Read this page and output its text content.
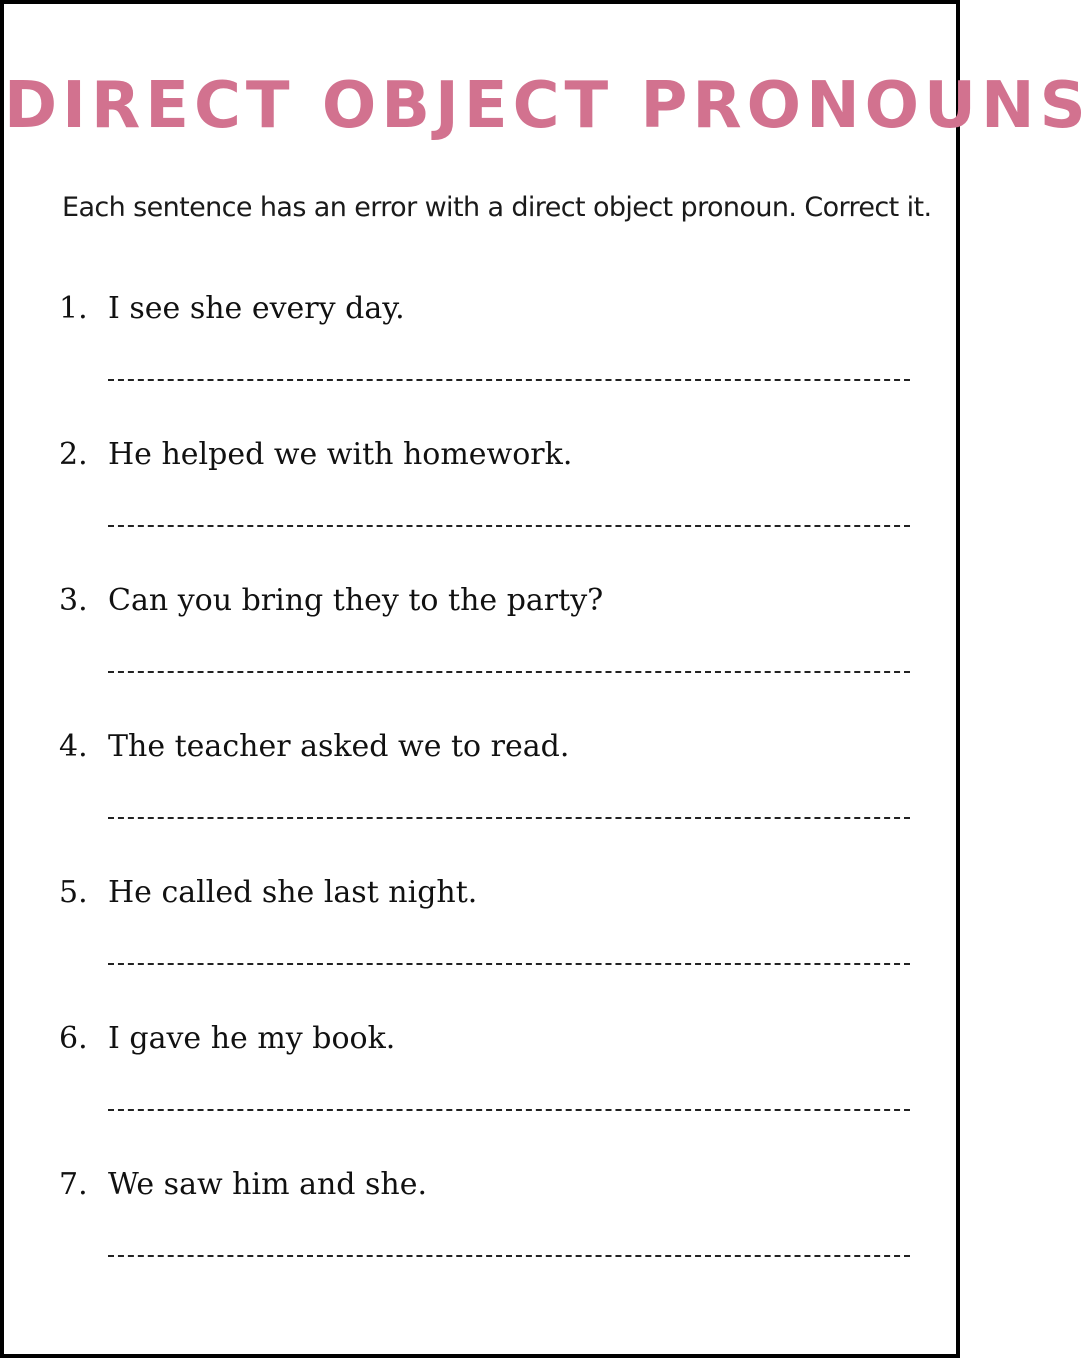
DIRECT OBJECT PRONOUNS
Each sentence has an error with a direct object pronoun. Correct it.
1. I see she every day.
2. He helped we with homework.
3. Can you bring they to the party?
4. The teacher asked we to read.
5. He called she last night.
6. I gave he my book.
7. We saw him and she.
